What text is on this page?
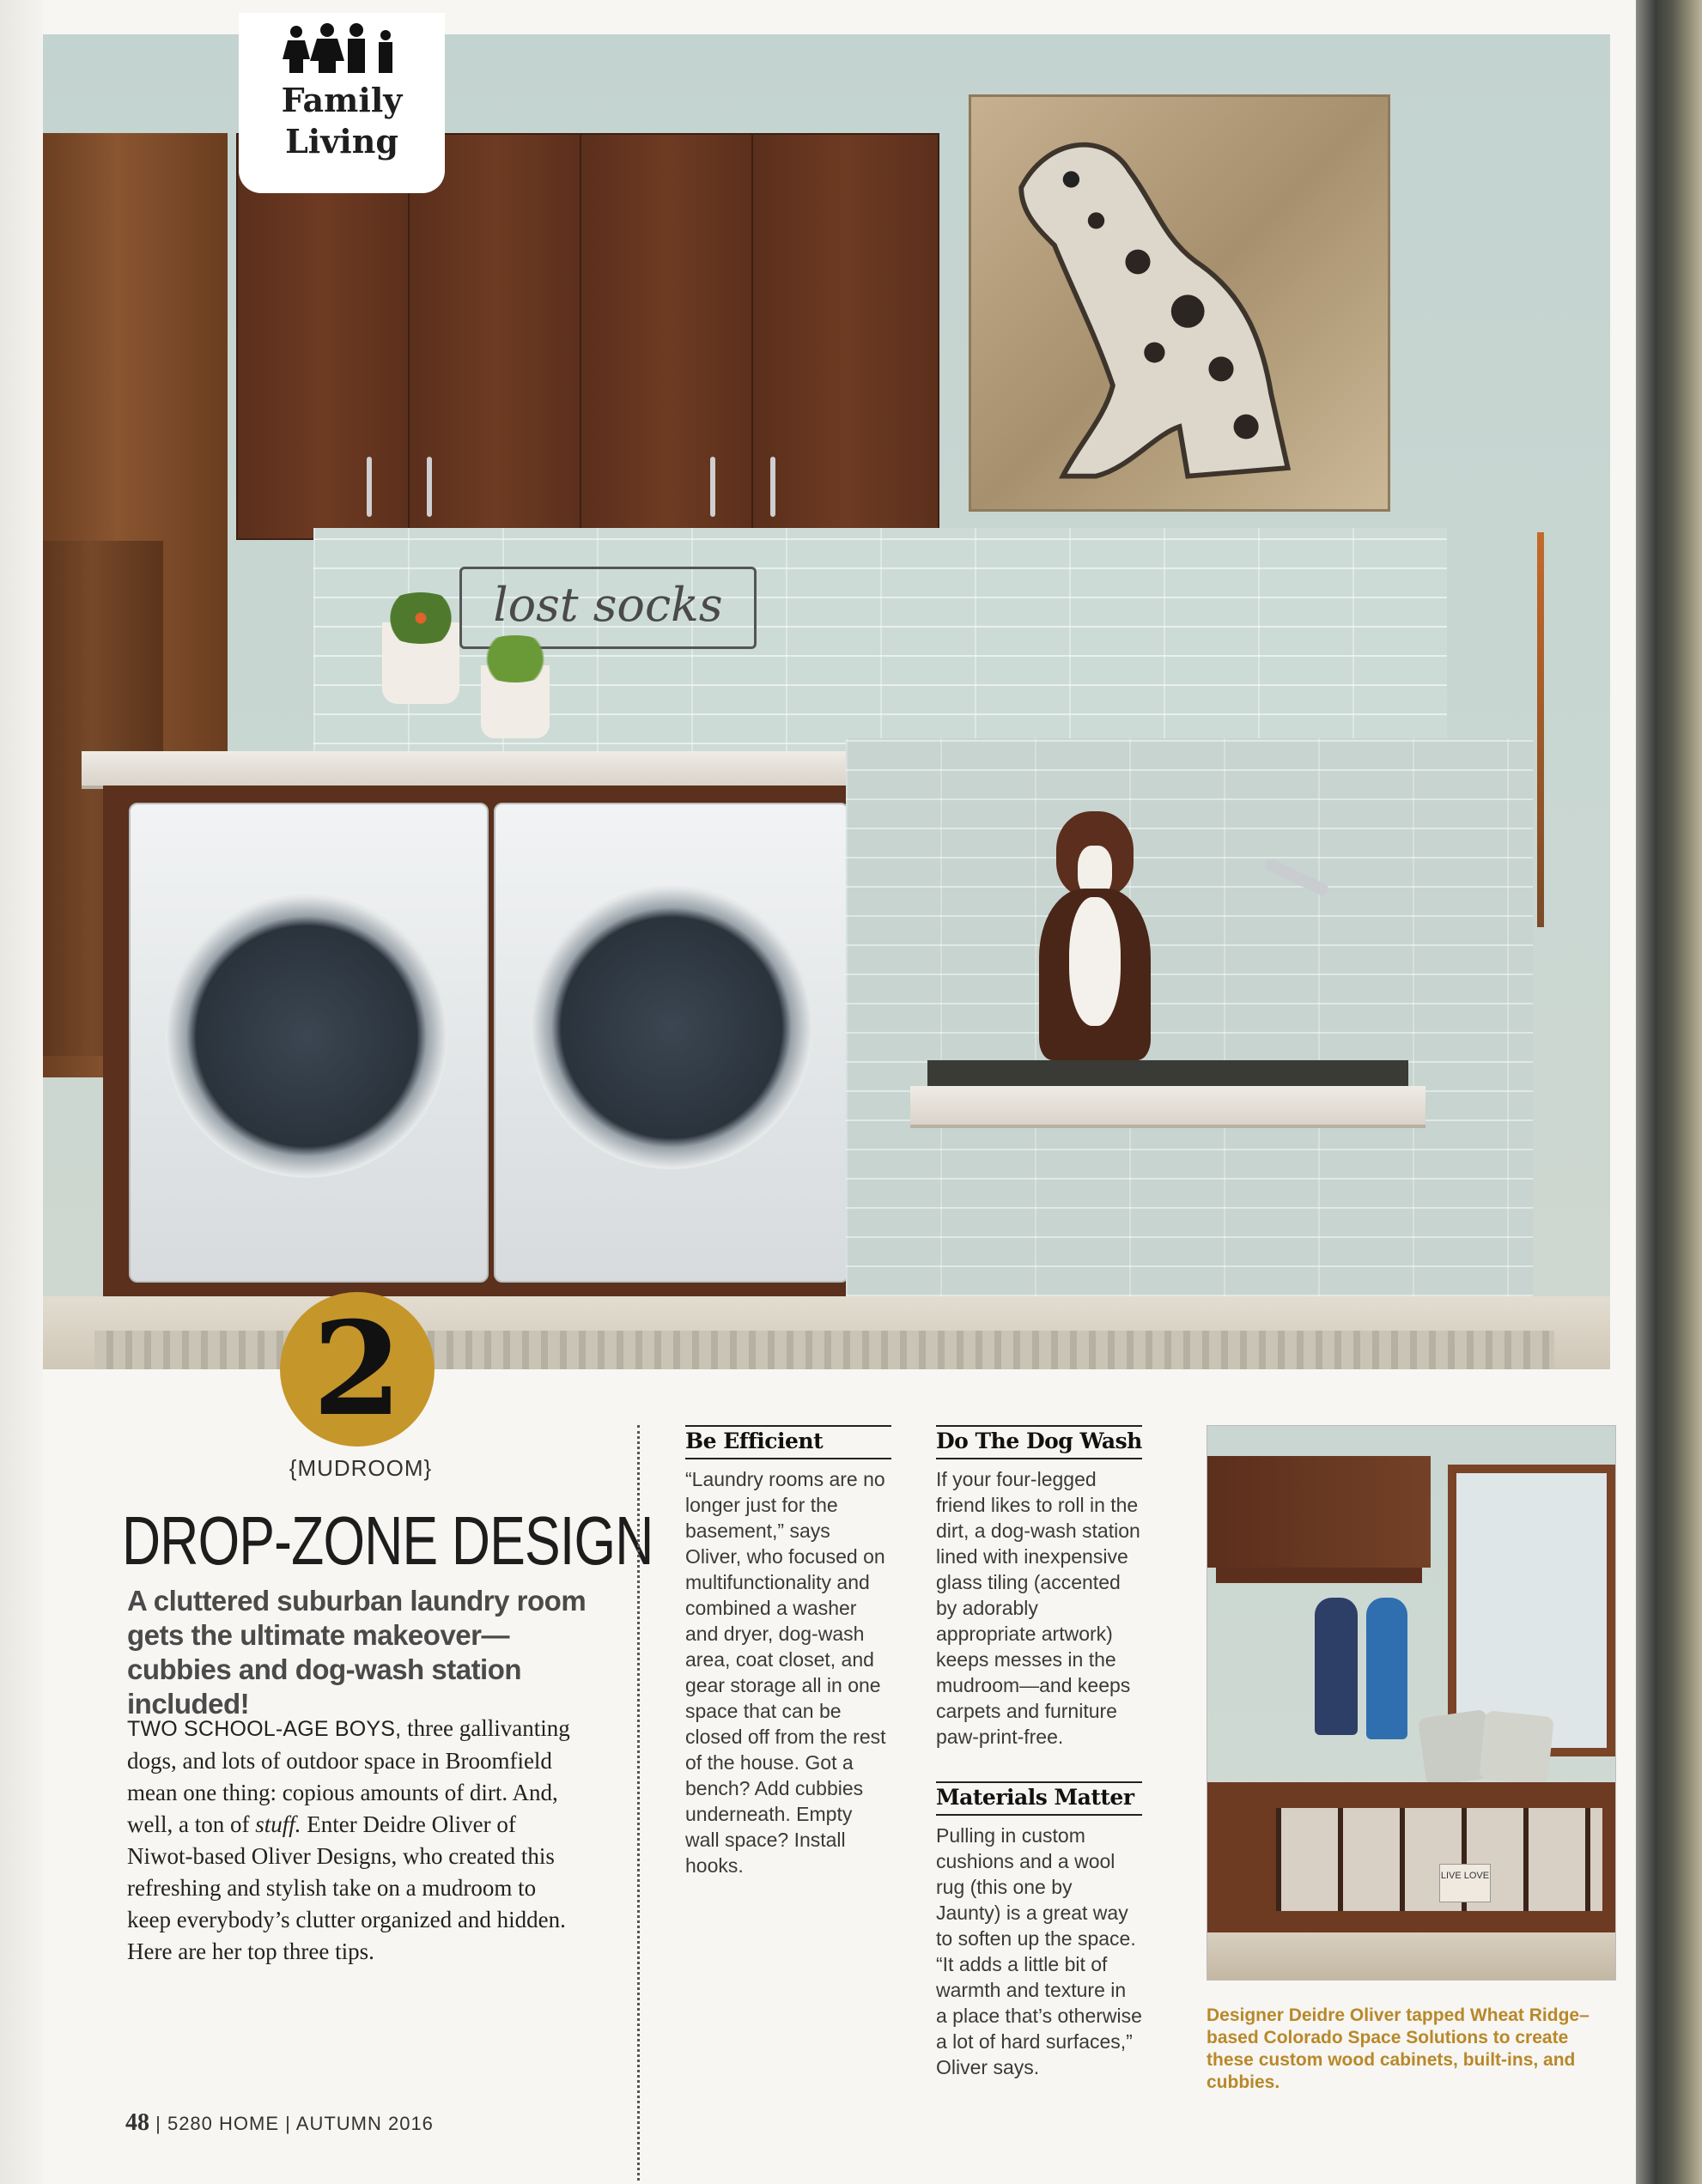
lost socks
Family
Living
2
{MUDROOM}
DROP-ZONE DESIGN
A cluttered suburban laundry room gets the ultimate makeover—cubbies and dog-wash station included!
TWO SCHOOL-AGE BOYS, three gallivanting dogs, and lots of outdoor space in Broomfield mean one thing: copious amounts of dirt. And, well, a ton of stuff. Enter Deidre Oliver of Niwot-based Oliver Designs, who created this refreshing and stylish take on a mudroom to keep everybody’s clutter organized and hidden. Here are her top three tips.
Be Efficient
“Laundry rooms are no longer just for the basement,” says Oliver, who focused on multifunctionality and combined a washer and dryer, dog-wash area, coat closet, and gear storage all in one space that can be closed off from the rest of the house. Got a bench? Add cubbies underneath. Empty wall space? Install hooks.
Do The Dog Wash
If your four-legged friend likes to roll in the dirt, a dog-wash station lined with inexpensive glass tiling (accented by adorably appropriate artwork) keeps messes in the mudroom—and keeps carpets and furniture paw-print-free.
Materials Matter
Pulling in custom cushions and a wool rug (this one by Jaunty) is a great way to soften up the space. “It adds a little bit of warmth and texture in a place that’s otherwise a lot of hard surfaces,” Oliver says.
LIVE LOVE
Designer Deidre Oliver tapped Wheat Ridge–based Colorado Space Solutions to create these custom wood cabinets, built-ins, and cubbies.
48 | 5280 HOME | AUTUMN 2016
